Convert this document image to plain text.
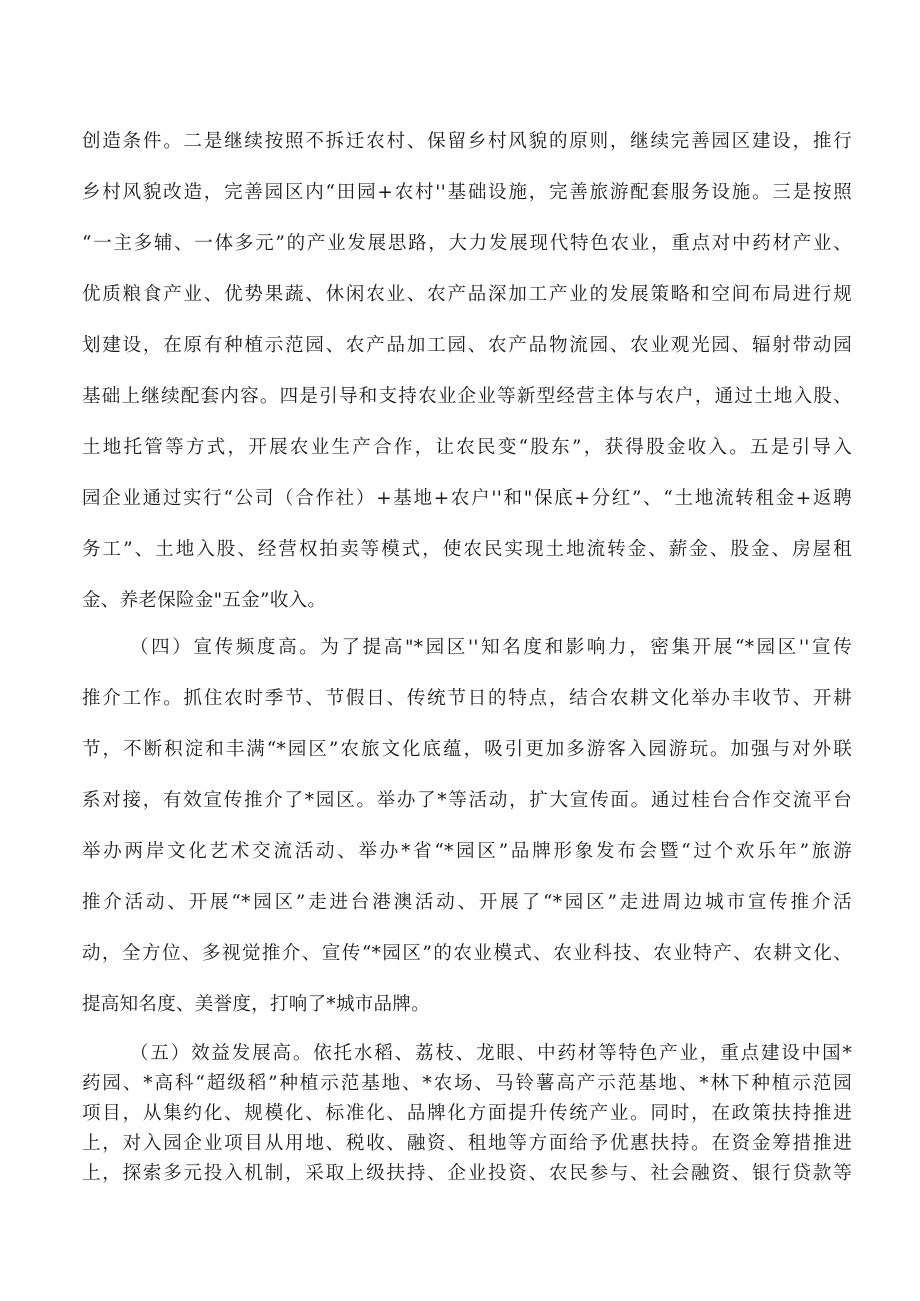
创造条件。二是继续按照不拆迁农村、保留乡村风貌的原则，继续完善园区建设，推行
乡村风貌改造，完善园区内“田园+农村''基础设施，完善旅游配套服务设施。三是按照
“一主多辅、一体多元”的产业发展思路，大力发展现代特色农业，重点对中药材产业、
优质粮食产业、优势果蔬、休闲农业、农产品深加工产业的发展策略和空间布局进行规
划建设，在原有种植示范园、农产品加工园、农产品物流园、农业观光园、辐射带动园
基础上继续配套内容。四是引导和支持农业企业等新型经营主体与农户，通过土地入股、
土地托管等方式，开展农业生产合作，让农民变“股东”，获得股金收入。五是引导入
园企业通过实行“公司（合作社）+基地+农户''和"保底+分红”、“土地流转租金+返聘
务工”、土地入股、经营权拍卖等模式，使农民实现土地流转金、薪金、股金、房屋租
金、养老保险金"五金”收入。
（四）宣传频度高。为了提高"*园区''知名度和影响力，密集开展“*园区''宣传
推介工作。抓住农时季节、节假日、传统节日的特点，结合农耕文化举办丰收节、开耕
节，不断积淀和丰满“*园区”农旅文化底蕴，吸引更加多游客入园游玩。加强与对外联
系对接，有效宣传推介了*园区。举办了*等活动，扩大宣传面。通过桂台合作交流平台
举办两岸文化艺术交流活动、举办*省“*园区”品牌形象发布会暨“过个欢乐年”旅游
推介活动、开展“*园区”走进台港澳活动、开展了“*园区”走进周边城市宣传推介活
动，全方位、多视觉推介、宣传“*园区”的农业模式、农业科技、农业特产、农耕文化、
提高知名度、美誉度，打响了*城市品牌。
（五）效益发展高。依托水稻、荔枝、龙眼、中药材等特色产业，重点建设中国*
药园、*高科“超级稻”种植示范基地、*农场、马铃薯高产示范基地、*林下种植示范园
项目，从集约化、规模化、标准化、品牌化方面提升传统产业。同时，在政策扶持推进
上，对入园企业项目从用地、税收、融资、租地等方面给予优惠扶持。在资金筹措推进
上，探索多元投入机制，采取上级扶持、企业投资、农民参与、社会融资、银行贷款等
